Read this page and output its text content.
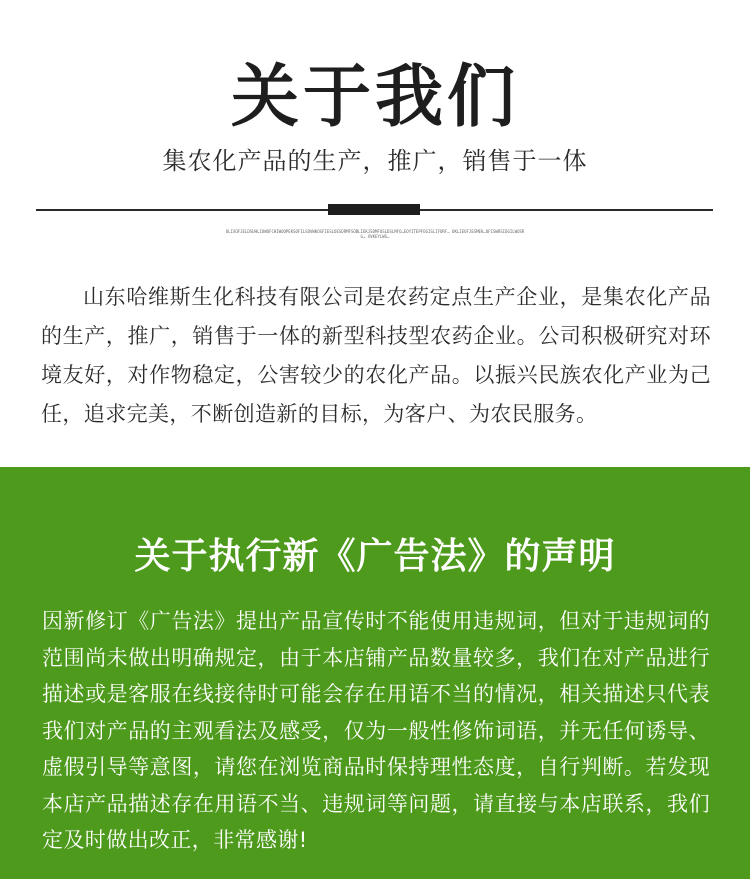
关于我们
集农化产品的生产，推广，销售于一体
OLIXOFJELDSUHLIOWOFCHIWOOPEKSOFILSDVWKOSFIESLOESDRMFSOBLIEKJSDMFOSLDSLMFO…EOYITEPFOGISLIFORF… OKLIEOFJESMEK…OFISWRSIOGILWOSRG… XVKEYLWS…

山东哈维斯生化科技有限公司是农药定点生产企业，是集农化产品的生产，推广，销售于一体的新型科技型农药企业。公司积极研究对环境友好，对作物稳定，公害较少的农化产品。以振兴民族农化产业为己任，追求完美，不断创造新的目标，为客户、为农民服务。

关于执行新《广告法》的声明

因新修订《广告法》提出产品宣传时不能使用违规词，但对于违规词的范围尚未做出明确规定，由于本店铺产品数量较多，我们在对产品进行描述或是客服在线接待时可能会存在用语不当的情况，相关描述只代表我们对产品的主观看法及感受，仅为一般性修饰词语，并无任何诱导、虚假引导等意图，请您在浏览商品时保持理性态度，自行判断。若发现本店产品描述存在用语不当、违规词等问题，请直接与本店联系，我们定及时做出改正，非常感谢!
